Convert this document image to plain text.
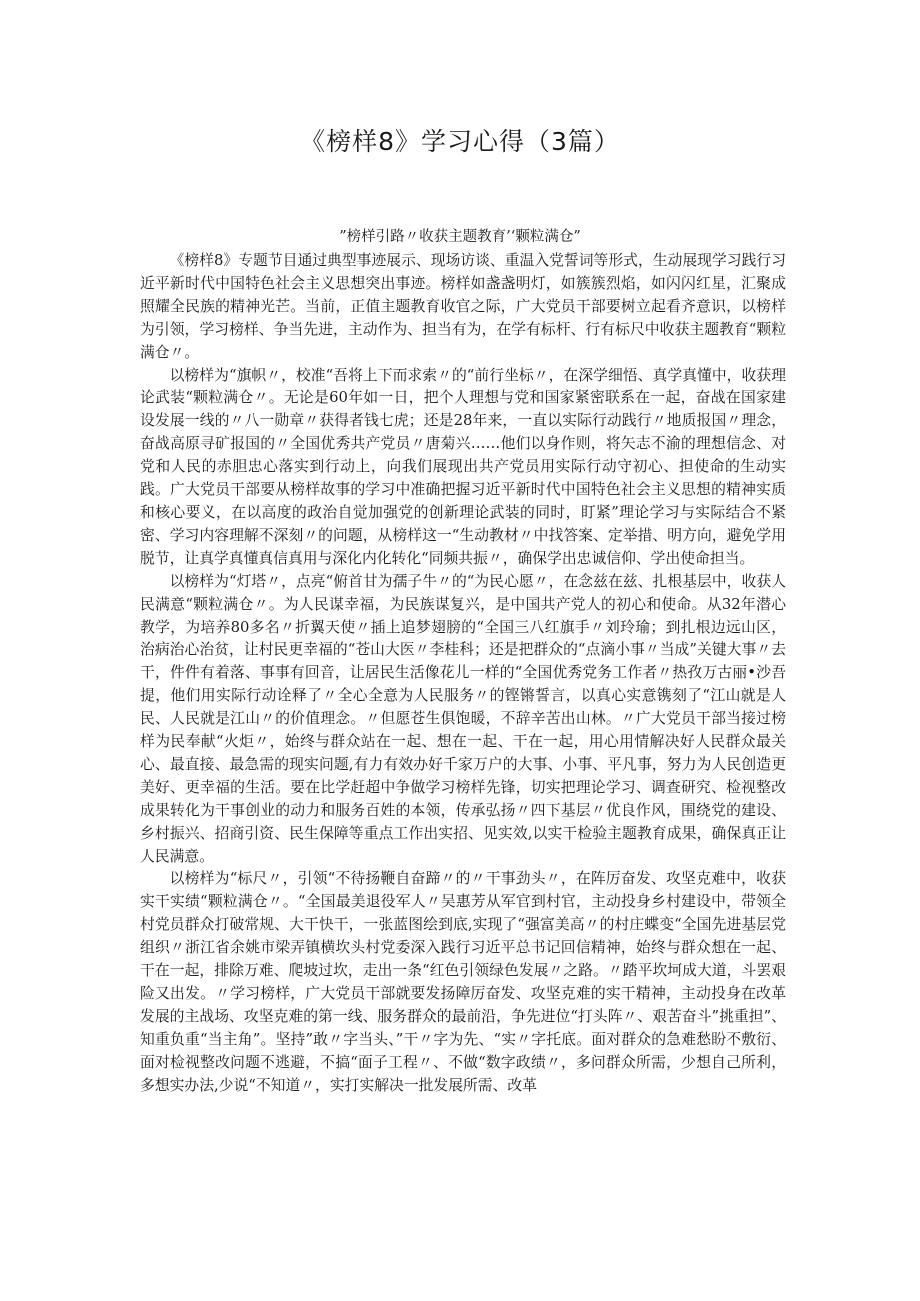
《榜样8》学习心得（3篇）
”榜样引路〃收获主题教育’‘颗粒满仓”

《榜样8》专题节目通过典型事迹展示、现场访谈、重温入党誓词等形式，生动展现学习践行习近平新时代中国特色社会主义思想突出事迹。榜样如盏盏明灯，如簇簇烈焰，如闪闪红星，汇聚成照耀全民族的精神光芒。当前，正值主题教育收官之际，广大党员干部要树立起看齐意识，以榜样为引领，学习榜样、争当先进，主动作为、担当有为，在学有标杆、行有标尺中收获主题教育“颗粒满仓〃。

以榜样为“旗帜〃，校准“吾将上下而求索〃的“前行坐标〃，在深学细悟、真学真懂中，收获理论武装“颗粒满仓〃。无论是60年如一日，把个人理想与党和国家紧密联系在一起，奋战在国家建设发展一线的〃八一勋章〃获得者钱七虎；还是28年来，一直以实际行动践行〃地质报国〃理念，奋战高原寻矿报国的〃全国优秀共产党员〃唐菊兴……他们以身作则，将矢志不渝的理想信念、对党和人民的赤胆忠心落实到行动上，向我们展现出共产党员用实际行动守初心、担使命的生动实践。广大党员干部要从榜样故事的学习中准确把握习近平新时代中国特色社会主义思想的精神实质和核心要义，在以高度的政治自觉加强党的创新理论武装的同时，盯紧”理论学习与实际结合不紧密、学习内容理解不深刻〃的问题，从榜样这一“生动教材〃中找答案、定举措、明方向，避免学用脱节，让真学真懂真信真用与深化内化转化“同频共振〃，确保学出忠诚信仰、学出使命担当。

以榜样为“灯塔〃，点亮“俯首甘为孺子牛〃的“为民心愿〃，在念兹在兹、扎根基层中，收获人民满意“颗粒满仓〃。为人民谋幸福，为民族谋复兴，是中国共产党人的初心和使命。从32年潜心教学，为培养80多名〃折翼天使〃插上追梦翅膀的“全国三八红旗手〃刘玲瑜；到扎根边远山区，治病治心治贫，让村民更幸福的“苍山大医〃李桂科；还是把群众的“点滴小事〃当成”关键大事〃去干，件件有着落、事事有回音，让居民生活像花儿一样的“全国优秀党务工作者〃热孜万古丽•沙吾提，他们用实际行动诠释了〃全心全意为人民服务〃的铿锵誓言，以真心实意镌刻了“江山就是人民、人民就是江山〃的价值理念。〃但愿苍生俱饱暖，不辞辛苦出山林。〃广大党员干部当接过榜样为民奉献“火炬〃，始终与群众站在一起、想在一起、干在一起，用心用情解决好人民群众最关心、最直接、最急需的现实问题,有力有效办好千家万户的大事、小事、平凡事，努力为人民创造更美好、更幸福的生活。要在比学赶超中争做学习榜样先锋，切实把理论学习、调查研究、检视整改成果转化为干事创业的动力和服务百姓的本领，传承弘扬〃四下基层〃优良作风，围绕党的建设、乡村振兴、招商引资、民生保障等重点工作出实招、见实效,以实干检验主题教育成果，确保真正让人民满意。

以榜样为“标尺〃，引领“不待扬鞭自奋蹄〃的〃干事劲头〃，在阵厉奋发、攻坚克难中，收获实干实绩“颗粒满仓〃。“全国最美退役军人〃吴惠芳从军官到村官，主动投身乡村建设中，带领全村党员群众打破常规、大干快干，一张蓝图绘到底,实现了“强富美高〃的村庄蝶变“全国先进基层党组织〃浙江省余姚市梁弄镇横坎头村党委深入践行习近平总书记回信精神，始终与群众想在一起、干在一起，排除万难、爬坡过坎，走出一条“红色引领绿色发展〃之路。〃踏平坎坷成大道，斗罢艰险又出发。〃学习榜样，广大党员干部就要发扬障厉奋发、攻坚克难的实干精神，主动投身在改革发展的主战场、攻坚克难的第一线、服务群众的最前沿，争先进位“打头阵〃、艰苦奋斗”挑重担”、知重负重“当主角”。坚持”敢〃字当头、”干〃字为先、“实〃字托底。面对群众的急难愁盼不敷衍、面对检视整改问题不逃避，不搞“面子工程〃、不做“数字政绩〃，多问群众所需，少想自己所利，多想实办法,少说“不知道〃，实打实解决一批发展所需、改革
